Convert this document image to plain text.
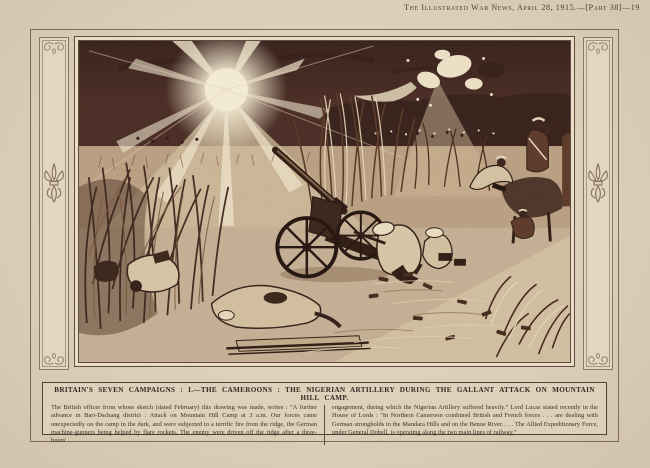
The Illustrated War News, April 28, 1915.—[Part 38]—19
BRITAIN'S SEVEN CAMPAIGNS : I.—THE CAMEROONS : THE NIGERIAN ARTILLERY DURING THE GALLANT ATTACK ON MOUNTAIN HILL CAMP.
The British officer from whose sketch (dated February) this drawing was made, writes : "A further advance in Bari-Dschang district : Attack on Mountain Hill Camp at 3 a.m. Our forces came unexpectedly on the camp in the dark, and were subjected to a terrific fire from the ridge, the German machine-gunners being helped by flare rockets. The enemy were driven off the ridge after a three-hours'
engagement, during which the Nigerian Artillery suffered heavily." Lord Lucas stated recently in the House of Lords : "In Northern Cameroon combined British and French forces . . . are dealing with German strongholds in the Mandara Hills and on the Benue River. . . . The Allied Expeditionary Force, under General Dobell, is operating along the two main lines of railway."
